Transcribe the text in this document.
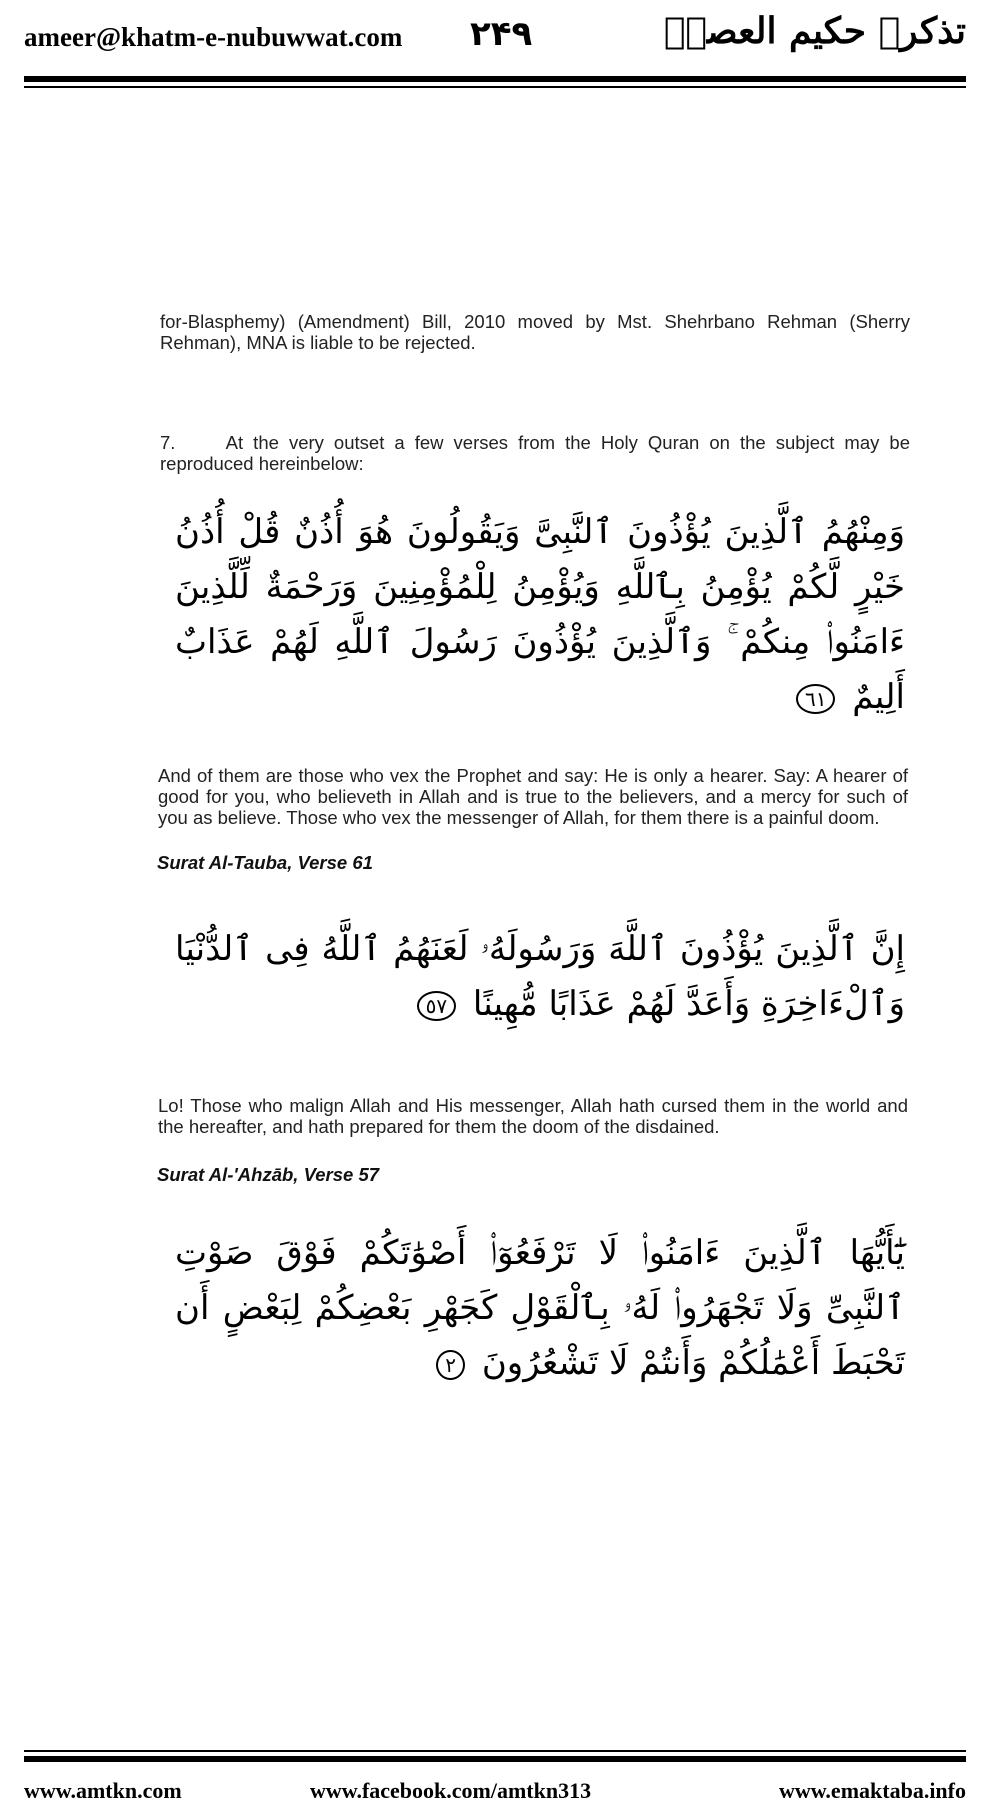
ameer@khatm-e-nubuwwat.com ۲۴۹	تذکرہ حکیم العصرؒ
for-Blasphemy) (Amendment) Bill, 2010 moved by Mst. Shehrbano Rehman (Sherry Rehman), MNA is liable to be rejected.
7.	At the very outset a few verses from the Holy Quran on the subject may be reproduced hereinbelow:
وَمِنْهُمُ ٱلَّذِينَ يُؤْذُونَ ٱلنَّبِىَّ وَيَقُولُونَ هُوَ أُذُنٌ قُلْ أُذُنُ خَيْرٍ لَّكُمْ يُؤْمِنُ بِٱللَّهِ وَيُؤْمِنُ لِلْمُؤْمِنِينَ وَرَحْمَةٌ لِّلَّذِينَ ءَامَنُوا۟ مِنكُمْ ۚ وَٱلَّذِينَ يُؤْذُونَ رَسُولَ ٱللَّهِ لَهُمْ عَذَابٌ أَلِيمٌ ٦١
And of them are those who vex the Prophet and say: He is only a hearer. Say: A hearer of good for you, who believeth in Allah and is true to the believers, and a mercy for such of you as believe. Those who vex the messenger of Allah, for them there is a painful doom.
Surat Al-Tauba, Verse 61
إِنَّ ٱلَّذِينَ يُؤْذُونَ ٱللَّهَ وَرَسُولَهُۥ لَعَنَهُمُ ٱللَّهُ فِى ٱلدُّنْيَا وَٱلْءَاخِرَةِ وَأَعَدَّ لَهُمْ عَذَابًا مُّهِينًا ٥٧
Lo! Those who malign Allah and His messenger, Allah hath cursed them in the world and the hereafter, and hath prepared for them the doom of the disdained.
Surat Al-'Ahzāb, Verse 57
يَٰٓأَيُّهَا ٱلَّذِينَ ءَامَنُوا۟ لَا تَرْفَعُوٓا۟ أَصْوَٰتَكُمْ فَوْقَ صَوْتِ ٱلنَّبِىِّ وَلَا تَجْهَرُوا۟ لَهُۥ بِٱلْقَوْلِ كَجَهْرِ بَعْضِكُمْ لِبَعْضٍ أَن تَحْبَطَ أَعْمَٰلُكُمْ وَأَنتُمْ لَا تَشْعُرُونَ ٢
www.amtkn.com	www.facebook.com/amtkn313	www.emaktaba.info
